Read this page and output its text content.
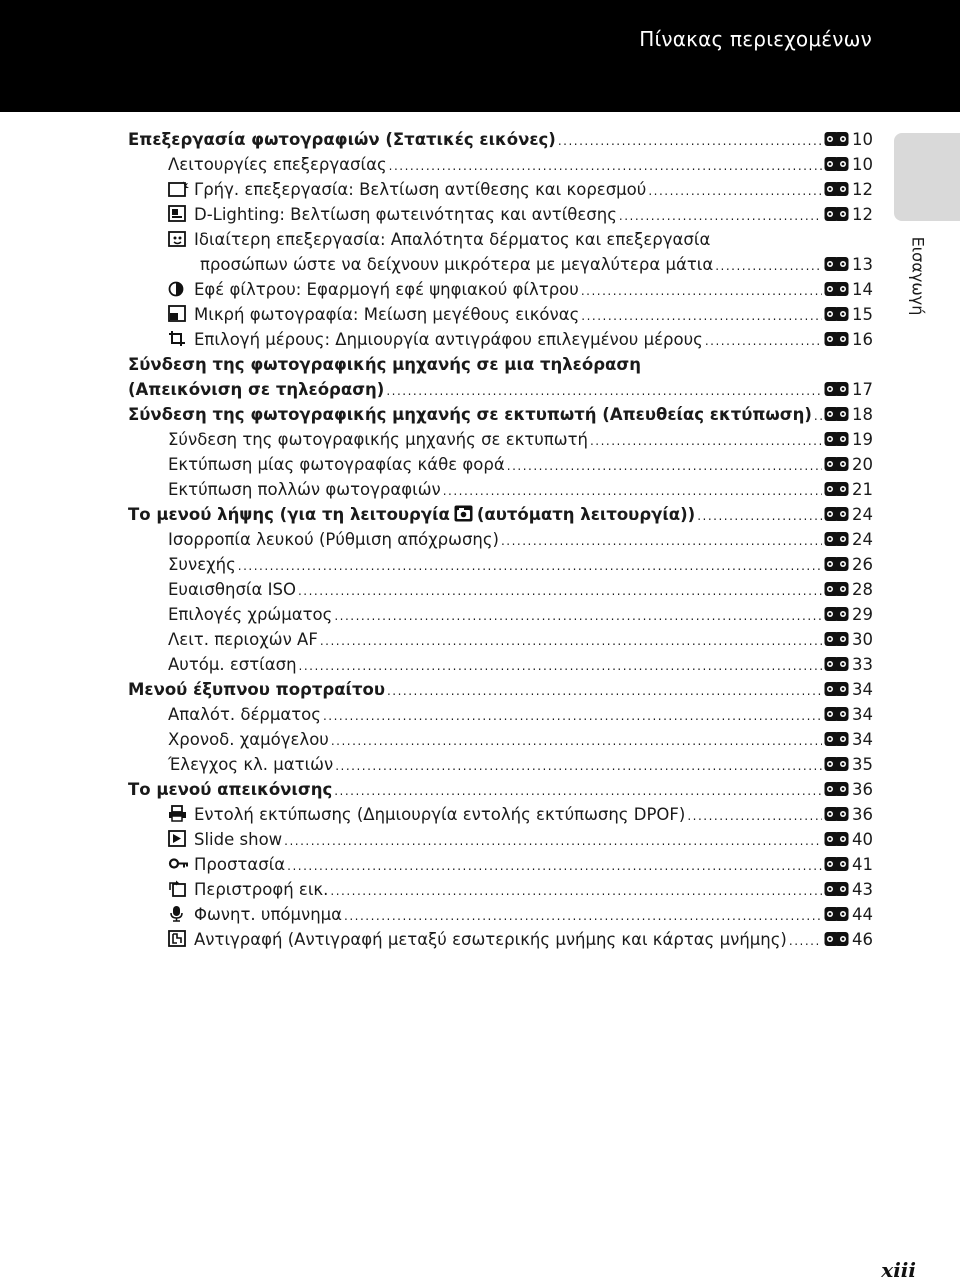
Πίνακας περιεχομένων
Εισαγωγή
Επεξεργασία φωτογραφιών (Στατικές εικόνες) .....	10
Λειτουργίες επεξεργασίας .....	10
Γρήγ. επεξεργασία: Βελτίωση αντίθεσης και κορεσμού .....	12
D-Lighting: Βελτίωση φωτεινότητας και αντίθεσης .....	12
Ιδιαίτερη επεξεργασία: Απαλότητα δέρματος και επεξεργασία
προσώπων ώστε να δείχνουν μικρότερα με μεγαλύτερα μάτια .....	13
Εφέ φίλτρου: Εφαρμογή εφέ ψηφιακού φίλτρου .....	14
Μικρή φωτογραφία: Μείωση μεγέθους εικόνας .....	15
Επιλογή μέρους: Δημιουργία αντιγράφου επιλεγμένου μέρους .....	16
Σύνδεση της φωτογραφικής μηχανής σε μια τηλεόραση
(Απεικόνιση σε τηλεόραση) .....	17
Σύνδεση της φωτογραφικής μηχανής σε εκτυπωτή (Απευθείας εκτύπωση) ..... 18
Σύνδεση της φωτογραφικής μηχανής σε εκτυπωτή .....	19
Εκτύπωση μίας φωτογραφίας κάθε φορά .....	20
Εκτύπωση πολλών φωτογραφιών .....	21
Το μενού λήψης (για τη λειτουργία (αυτόματη λειτουργία)) .....	24
Ισορροπία λευκού (Ρύθμιση απόχρωσης) .....	24
Συνεχής .....	26
Ευαισθησία ISO .....	28
Επιλογές χρώματος .....	29
Λειτ. περιοχών AF .....	30
Αυτόμ. εστίαση .....	33
Μενού έξυπνου πορτραίτου .....	34
Απαλότ. δέρματος .....	34
Χρονοδ. χαμόγελου .....	34
Έλεγχος κλ. ματιών .....	35
Το μενού απεικόνισης .....	36
Εντολή εκτύπωσης (Δημιουργία εντολής εκτύπωσης DPOF) .....	36
Slide show .....	40
Προστασία .....	41
Περιστροφή εικ. .....	43
Φωνητ. υπόμνημα .....	44
Αντιγραφή (Αντιγραφή μεταξύ εσωτερικής μνήμης και κάρτας μνήμης) .....	46
xiii
